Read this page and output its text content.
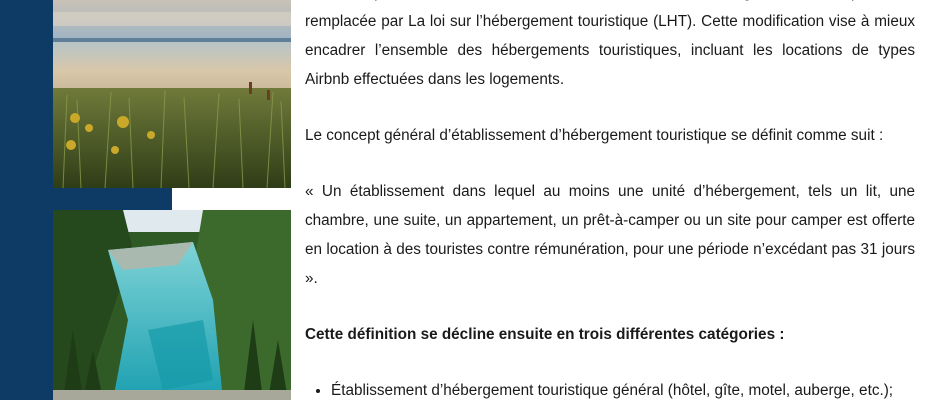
remplacée par La loi sur l’hébergement touristique (LHT). Cette modification vise à mieux encadrer l’ensemble des hébergements touristiques, incluant les locations de types Airbnb effectuées dans les logements.

Le concept général d’établissement d’hébergement touristique se définit comme suit :

« Un établissement dans lequel au moins une unité d’hébergement, tels un lit, une chambre, une suite, un appartement, un prêt-à-camper ou un site pour camper est offerte en location à des touristes contre rémunération, pour une période n’excédant pas 31 jours ».

Cette définition se décline ensuite en trois différentes catégories :

• Établissement d’hébergement touristique général (hôtel, gîte, motel, auberge, etc.);
